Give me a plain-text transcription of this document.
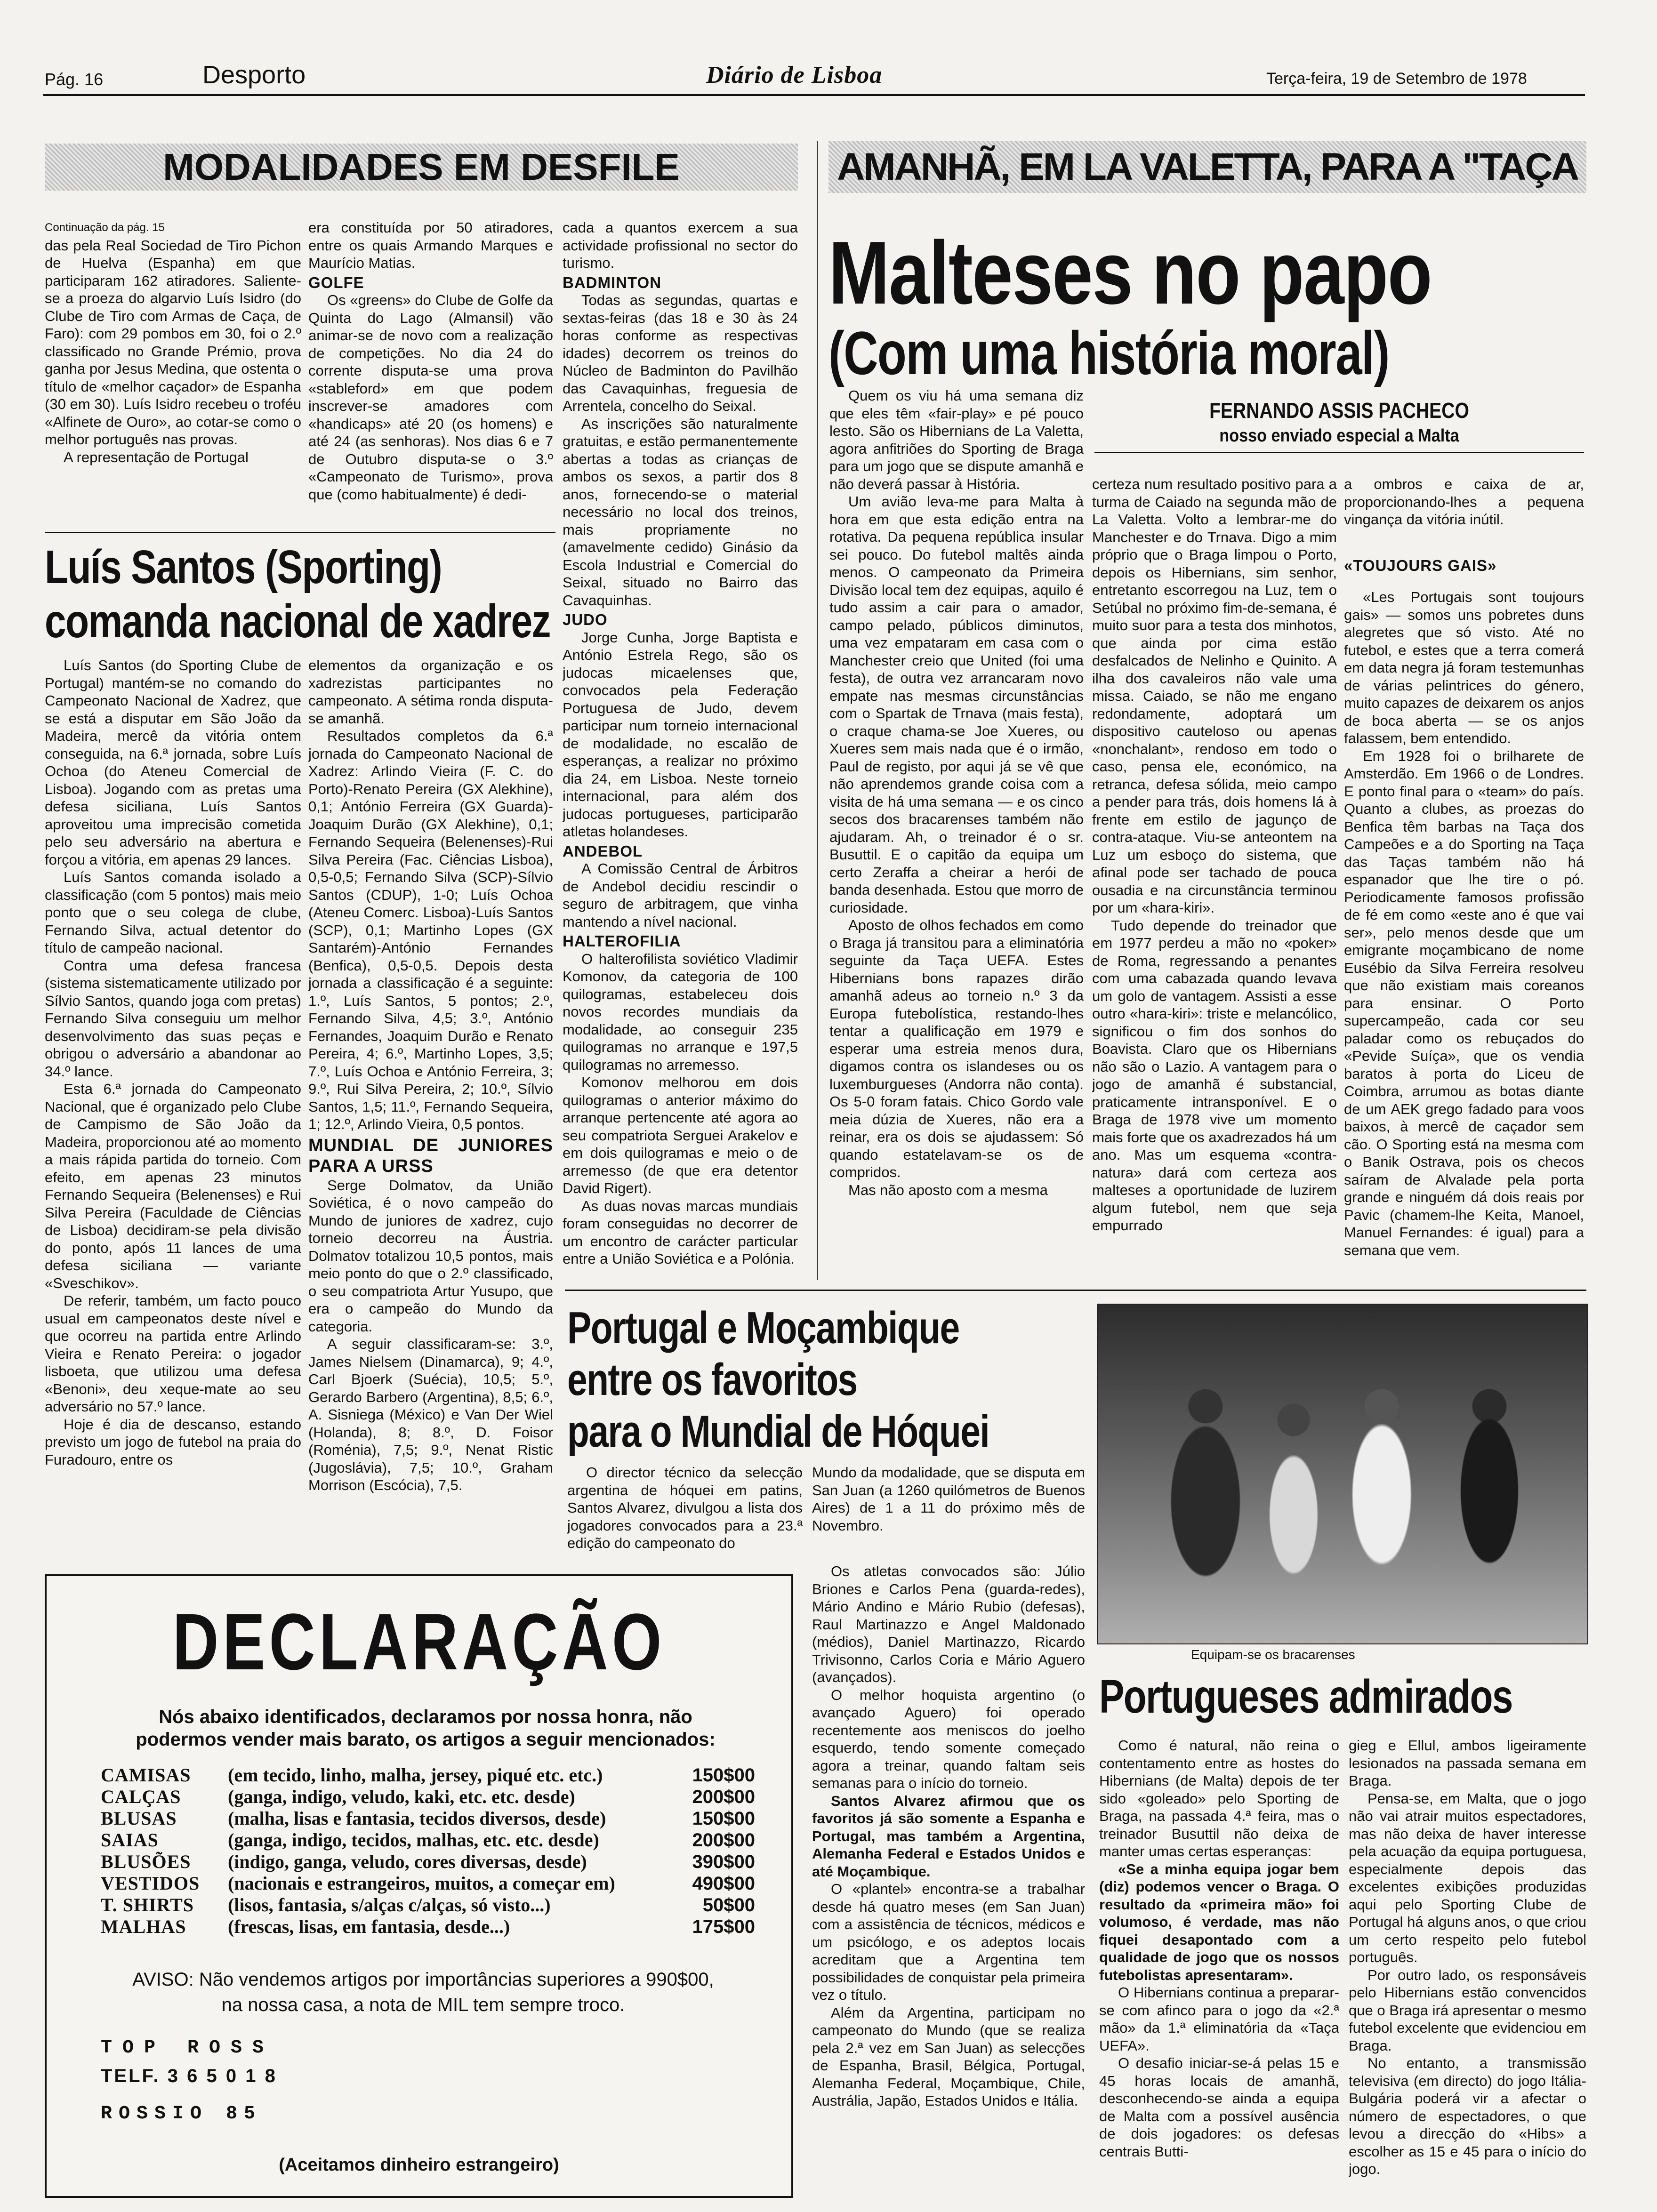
Pág. 16	Desporto	Diário de Lisboa	Terça-feira, 19 de Setembro de 1978
MODALIDADES EM DESFILE

Continuação da pág. 15

das pela Real Sociedad de Tiro Pichon de Huelva (Espanha) em que participaram 162 atiradores. Saliente-se a proeza do algarvio Luís Isidro (do Clube de Tiro com Armas de Caça, de Faro): com 29 pombos em 30, foi o 2.º classificado no Grande Prémio, prova ganha por Jesus Medina, que ostenta o título de «melhor caçador» de Espanha (30 em 30). Luís Isidro recebeu o troféu «Alfinete de Ouro», ao cotar-se como o melhor português nas provas.

A representação de Portugal

era constituída por 50 atiradores, entre os quais Armando Marques e Maurício Matias.

GOLFE

Os «greens» do Clube de Golfe da Quinta do Lago (Almansil) vão animar-se de novo com a realização de competições. No dia 24 do corrente disputa-se uma prova «stableford» em que podem inscrever-se amadores com «handicaps» até 20 (os homens) e até 24 (as senhoras). Nos dias 6 e 7 de Outubro disputa-se o 3.º «Campeonato de Turismo», prova que (como habitualmente) é dedi-

cada a quantos exercem a sua actividade profissional no sector do turismo.

BADMINTON

Todas as segundas, quartas e sextas-feiras (das 18 e 30 às 24 horas conforme as respectivas idades) decorrem os treinos do Núcleo de Badminton do Pavilhão das Cavaquinhas, freguesia de Arrentela, concelho do Seixal.

As inscrições são naturalmente gratuitas, e estão permanentemente abertas a todas as crianças de ambos os sexos, a partir dos 8 anos, fornecendo-se o material necessário no local dos treinos, mais propriamente no (amavelmente cedido) Ginásio da Escola Industrial e Comercial do Seixal, situado no Bairro das Cavaquinhas.

JUDO

Jorge Cunha, Jorge Baptista e António Estrela Rego, são os judocas micaelenses que, convocados pela Federação Portuguesa de Judo, devem participar num torneio internacional de modalidade, no escalão de esperanças, a realizar no próximo dia 24, em Lisboa. Neste torneio internacional, para além dos judocas portugueses, participarão atletas holandeses.

ANDEBOL

A Comissão Central de Árbitros de Andebol decidiu rescindir o seguro de arbitragem, que vinha mantendo a nível nacional.

HALTEROFILIA

O halterofilista soviético Vladimir Komonov, da categoria de 100 quilogramas, estabeleceu dois novos recordes mundiais da modalidade, ao conseguir 235 quilogramas no arranque e 197,5 quilogramas no arremesso.

Komonov melhorou em dois quilogramas o anterior máximo do arranque pertencente até agora ao seu compatriota Serguei Arakelov e em dois quilogramas e meio o de arremesso (de que era detentor David Rigert).

As duas novas marcas mundiais foram conseguidas no decorrer de um encontro de carácter particular entre a União Soviética e a Polónia.

Luís Santos (Sporting)
comanda nacional de xadrez

Luís Santos (do Sporting Clube de Portugal) mantém-se no comando do Campeonato Nacional de Xadrez, que se está a disputar em São João da Madeira, mercê da vitória ontem conseguida, na 6.ª jornada, sobre Luís Ochoa (do Ateneu Comercial de Lisboa). Jogando com as pretas uma defesa siciliana, Luís Santos aproveitou uma imprecisão cometida pelo seu adversário na abertura e forçou a vitória, em apenas 29 lances.

Luís Santos comanda isolado a classificação (com 5 pontos) mais meio ponto que o seu colega de clube, Fernando Silva, actual detentor do título de campeão nacional.

Contra uma defesa francesa (sistema sistematicamente utilizado por Sílvio Santos, quando joga com pretas) Fernando Silva conseguiu um melhor desenvolvimento das suas peças e obrigou o adversário a abandonar ao 34.º lance.

Esta 6.ª jornada do Campeonato Nacional, que é organizado pelo Clube de Campismo de São João da Madeira, proporcionou até ao momento a mais rápida partida do torneio. Com efeito, em apenas 23 minutos Fernando Sequeira (Belenenses) e Rui Silva Pereira (Faculdade de Ciências de Lisboa) decidiram-se pela divisão do ponto, após 11 lances de uma defesa siciliana — variante «Sveschikov».

De referir, também, um facto pouco usual em campeonatos deste nível e que ocorreu na partida entre Arlindo Vieira e Renato Pereira: o jogador lisboeta, que utilizou uma defesa «Benoni», deu xeque-mate ao seu adversário no 57.º lance.

Hoje é dia de descanso, estando previsto um jogo de futebol na praia do Furadouro, entre os

elementos da organização e os xadrezistas participantes no campeonato. A sétima ronda disputa-se amanhã.

Resultados completos da 6.ª jornada do Campeonato Nacional de Xadrez: Arlindo Vieira (F. C. do Porto)-Renato Pereira (GX Alekhine), 0,1; António Ferreira (GX Guarda)-Joaquim Durão (GX Alekhine), 0,1; Fernando Sequeira (Belenenses)-Rui Silva Pereira (Fac. Ciências Lisboa), 0,5-0,5; Fernando Silva (SCP)-Sílvio Santos (CDUP), 1-0; Luís Ochoa (Ateneu Comerc. Lisboa)-Luís Santos (SCP), 0,1; Martinho Lopes (GX Santarém)-António Fernandes (Benfica), 0,5-0,5. Depois desta jornada a classificação é a seguinte: 1.º, Luís Santos, 5 pontos; 2.º, Fernando Silva, 4,5; 3.º, António Fernandes, Joaquim Durão e Renato Pereira, 4; 6.º, Martinho Lopes, 3,5; 7.º, Luís Ochoa e António Ferreira, 3; 9.º, Rui Silva Pereira, 2; 10.º, Sílvio Santos, 1,5; 11.º, Fernando Sequeira, 1; 12.º, Arlindo Vieira, 0,5 pontos.

MUNDIAL DE JUNIORES PARA A URSS

Serge Dolmatov, da União Soviética, é o novo campeão do Mundo de juniores de xadrez, cujo torneio decorreu na Áustria. Dolmatov totalizou 10,5 pontos, mais meio ponto do que o 2.º classificado, o seu compatriota Artur Yusupo, que era o campeão do Mundo da categoria.

A seguir classificaram-se: 3.º, James Nielsem (Dinamarca), 9; 4.º, Carl Bjoerk (Suécia), 10,5; 5.º, Gerardo Barbero (Argentina), 8,5; 6.º, A. Sisniega (México) e Van Der Wiel (Holanda), 8; 8.º, D. Foisor (Roménia), 7,5; 9.º, Nenat Ristic (Jugoslávia), 7,5; 10.º, Graham Morrison (Escócia), 7,5.

AMANHÃ, EM LA VALETTA, PARA A "TAÇA
Malteses no papo
(Com uma história moral)
FERNANDO ASSIS PACHECO
nosso enviado especial a Malta

Quem os viu há uma semana diz que eles têm «fair-play» e pé pouco lesto. São os Hibernians de La Valetta, agora anfitriões do Sporting de Braga para um jogo que se dispute amanhã e não deverá passar à História.

Um avião leva-me para Malta à hora em que esta edição entra na rotativa. Da pequena república insular sei pouco. Do futebol maltês ainda menos. O campeonato da Primeira Divisão local tem dez equipas, aquilo é tudo assim a cair para o amador, campo pelado, públicos diminutos, uma vez empataram em casa com o Manchester creio que United (foi uma festa), de outra vez arrancaram novo empate nas mesmas circunstâncias com o Spartak de Trnava (mais festa), o craque chama-se Joe Xueres, ou Xueres sem mais nada que é o irmão, Paul de registo, por aqui já se vê que não aprendemos grande coisa com a visita de há uma semana — e os cinco secos dos bracarenses também não ajudaram. Ah, o treinador é o sr. Busuttil. E o capitão da equipa um certo Zeraffa a cheirar a herói de banda desenhada. Estou que morro de curiosidade.

Aposto de olhos fechados em como o Braga já transitou para a eliminatória seguinte da Taça UEFA. Estes Hibernians bons rapazes dirão amanhã adeus ao torneio n.º 3 da Europa futebolística, restando-lhes tentar a qualificação em 1979 e esperar uma estreia menos dura, digamos contra os islandeses ou os luxemburgueses (Andorra não conta). Os 5-0 foram fatais. Chico Gordo vale meia dúzia de Xueres, não era a reinar, era os dois se ajudassem: Só quando estatelavam-se os de compridos.

Mas não aposto com a mesma

certeza num resultado positivo para a turma de Caiado na segunda mão de La Valetta. Volto a lembrar-me do Manchester e do Trnava. Digo a mim próprio que o Braga limpou o Porto, depois os Hibernians, sim senhor, entretanto escorregou na Luz, tem o Setúbal no próximo fim-de-semana, é muito suor para a testa dos minhotos, que ainda por cima estão desfalcados de Nelinho e Quinito. A ilha dos cavaleiros não vale uma missa. Caiado, se não me engano redondamente, adoptará um dispositivo cauteloso ou apenas «nonchalant», rendoso em todo o caso, pensa ele, económico, na retranca, defesa sólida, meio campo a pender para trás, dois homens lá à frente em estilo de jagunço de contra-ataque. Viu-se anteontem na Luz um esboço do sistema, que afinal pode ser tachado de pouca ousadia e na circunstância terminou por um «hara-kiri».

Tudo depende do treinador que em 1977 perdeu a mão no «poker» de Roma, regressando a penantes com uma cabazada quando levava um golo de vantagem. Assisti a esse outro «hara-kiri»: triste e melancólico, significou o fim dos sonhos do Boavista. Claro que os Hibernians não são o Lazio. A vantagem para o jogo de amanhã é substancial, praticamente intransponível. E o Braga de 1978 vive um momento mais forte que os axadrezados há um ano. Mas um esquema «contra-natura» dará com certeza aos malteses a oportunidade de luzirem algum futebol, nem que seja empurrado

a ombros e caixa de ar, proporcionando-lhes a pequena vingança da vitória inútil.

«TOUJOURS GAIS»

«Les Portugais sont toujours gais» — somos uns pobretes duns alegretes que só visto. Até no futebol, e estes que a terra comerá em data negra já foram testemunhas de várias pelintrices do género, muito capazes de deixarem os anjos de boca aberta — se os anjos falassem, bem entendido.

Em 1928 foi o brilharete de Amsterdão. Em 1966 o de Londres. E ponto final para o «team» do país. Quanto a clubes, as proezas do Benfica têm barbas na Taça dos Campeões e a do Sporting na Taça das Taças também não há espanador que lhe tire o pó. Periodicamente famosos profissão de fé em como «este ano é que vai ser», pelo menos desde que um emigrante moçambicano de nome Eusébio da Silva Ferreira resolveu que não existiam mais coreanos para ensinar. O Porto supercampeão, cada cor seu paladar como os rebuçados do «Pevide Suíça», que os vendia baratos à porta do Liceu de Coimbra, arrumou as botas diante de um AEK grego fadado para voos baixos, à mercê de caçador sem cão. O Sporting está na mesma com o Banik Ostrava, pois os checos saíram de Alvalade pela porta grande e ninguém dá dois reais por Pavic (chamem-lhe Keita, Manoel, Manuel Fernandes: é igual) para a semana que vem.

Portugal e Moçambique
entre os favoritos
para o Mundial de Hóquei

O director técnico da selecção argentina de hóquei em patins, Santos Alvarez, divulgou a lista dos jogadores convocados para a 23.ª edição do campeonato do

Mundo da modalidade, que se disputa em San Juan (a 1260 quilómetros de Buenos Aires) de 1 a 11 do próximo mês de Novembro.

Os atletas convocados são: Júlio Briones e Carlos Pena (guarda-redes), Mário Andino e Mário Rubio (defesas), Raul Martinazzo e Angel Maldonado (médios), Daniel Martinazzo, Ricardo Trivisonno, Carlos Coria e Mário Aguero (avançados).

O melhor hoquista argentino (o avançado Aguero) foi operado recentemente aos meniscos do joelho esquerdo, tendo somente começado agora a treinar, quando faltam seis semanas para o início do torneio.

Santos Alvarez afirmou que os favoritos já são somente a Espanha e Portugal, mas também a Argentina, Alemanha Federal e Estados Unidos e até Moçambique.

O «plantel» encontra-se a trabalhar desde há quatro meses (em San Juan) com a assistência de técnicos, médicos e um psicólogo, e os adeptos locais acreditam que a Argentina tem possibilidades de conquistar pela primeira vez o título.

Além da Argentina, participam no campeonato do Mundo (que se realiza pela 2.ª vez em San Juan) as selecções de Espanha, Brasil, Bélgica, Portugal, Alemanha Federal, Moçambique, Chile, Austrália, Japão, Estados Unidos e Itália.

Equipam-se os bracarenses
Portugueses admirados

Como é natural, não reina o contentamento entre as hostes do Hibernians (de Malta) depois de ter sido «goleado» pelo Sporting de Braga, na passada 4.ª feira, mas o treinador Busuttil não deixa de manter umas certas esperanças:

«Se a minha equipa jogar bem (diz) podemos vencer o Braga. O resultado da «primeira mão» foi volumoso, é verdade, mas não fiquei desapontado com a qualidade de jogo que os nossos futebolistas apresentaram».

O Hibernians continua a preparar-se com afinco para o jogo da «2.ª mão» da 1.ª eliminatória da «Taça UEFA».

O desafio iniciar-se-á pelas 15 e 45 horas locais de amanhã, desconhecendo-se ainda a equipa de Malta com a possível ausência de dois jogadores: os defesas centrais Butti-

gieg e Ellul, ambos ligeiramente lesionados na passada semana em Braga.

Pensa-se, em Malta, que o jogo não vai atrair muitos espectadores, mas não deixa de haver interesse pela acuação da equipa portuguesa, especialmente depois das excelentes exibições produzidas aqui pelo Sporting Clube de Portugal há alguns anos, o que criou um certo respeito pelo futebol português.

Por outro lado, os responsáveis pelo Hibernians estão convencidos que o Braga irá apresentar o mesmo futebol excelente que evidenciou em Braga.

No entanto, a transmissão televisiva (em directo) do jogo Itália-Bulgária poderá vir a afectar o número de espectadores, o que levou a direcção do «Hibs» a escolher as 15 e 45 para o início do jogo.

DECLARAÇÃO
Nós abaixo identificados, declaramos por nossa honra, não podermos vender mais barato, os artigos a seguir mencionados:
CAMISAS	(em tecido, linho, malha, jersey, piqué etc. etc.)	150$00
CALÇAS	(ganga, indigo, veludo, kaki, etc. etc. desde)	200$00
BLUSAS	(malha, lisas e fantasia, tecidos diversos, desde)	150$00
SAIAS	(ganga, indigo, tecidos, malhas, etc. etc. desde)	200$00
BLUSÕES	(indigo, ganga, veludo, cores diversas, desde)	390$00
VESTIDOS	(nacionais e estrangeiros, muitos, a começar em)	490$00
T. SHIRTS	(lisos, fantasia, s/alças c/alças, só visto...)	50$00
MALHAS	(frescas, lisas, em fantasia, desde...)	175$00
AVISO: Não vendemos artigos por importâncias superiores a 990$00, na nossa casa, a nota de MIL tem sempre troco.
TOP ROSS
TELF. 3 6 5 0 1 8
ROSSIO 85
(Aceitamos dinheiro estrangeiro)
